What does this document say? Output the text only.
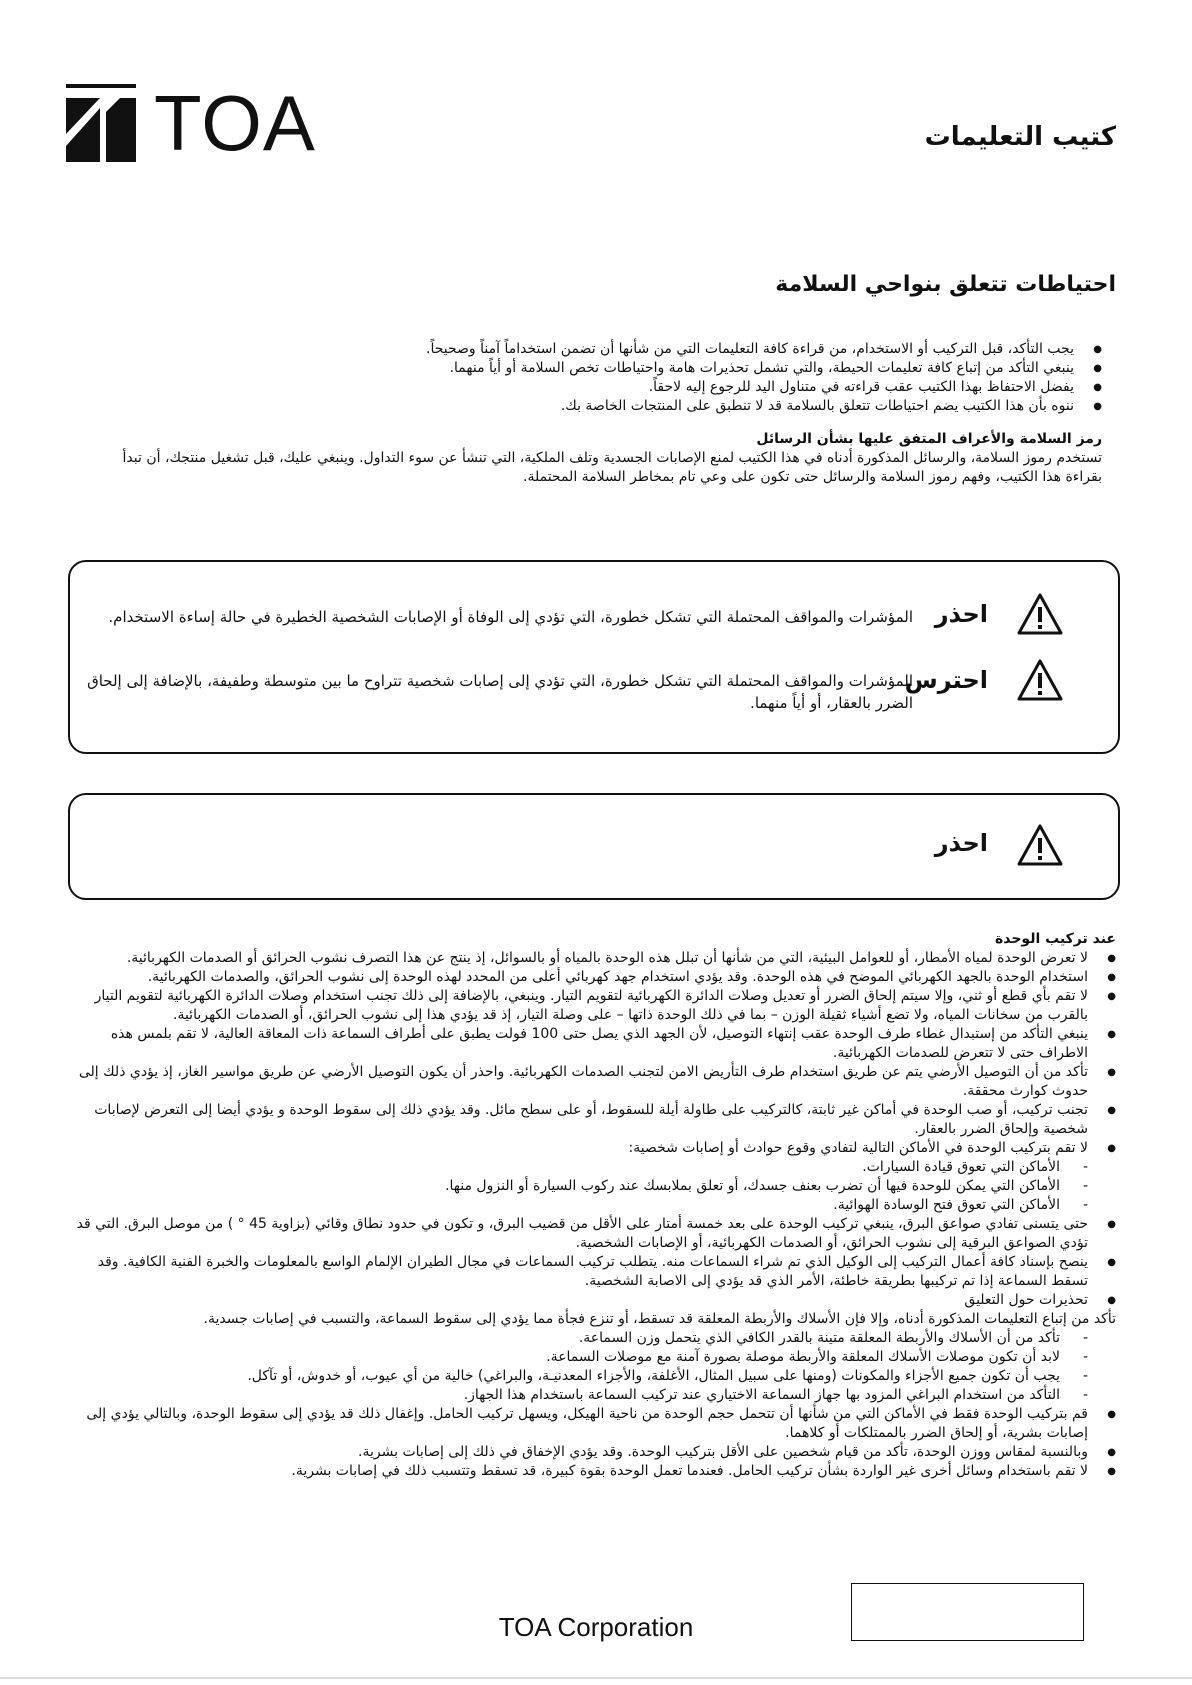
TOA	كتيب التعليمات
احتياطات تتعلق بنواحي السلامة
● يجب التأكد، قبل التركيب أو الاستخدام، من قراءة كافة التعليمات التي من شأنها أن تضمن استخداماً آمناً وصحيحاً.
● ينبغي التأكد من إتباع كافة تعليمات الحيطة، والتي تشمل تحذيرات هامة واحتياطات تخص السلامة أو أياً منهما.
● يفضل الاحتفاظ بهذا الكتيب عقب قراءته في متناول اليد للرجوع إليه لاحقاً.
● ننوه بأن هذا الكتيب يضم احتياطات تتعلق بالسلامة قد لا تنطبق على المنتجات الخاصة بك.
رمز السلامة والأعراف المتفق عليها بشأن الرسائل
تستخدم رموز السلامة، والرسائل المذكورة أدناه في هذا الكتيب لمنع الإصابات الجسدية وتلف الملكية، التي تنشأ عن سوء التداول. وينبغي عليك، قبل تشغيل منتجك، أن تبدأ
بقراءة هذا الكتيب، وفهم رموز السلامة والرسائل حتى تكون على وعي تام بمخاطر السلامة المحتملة.
احذر
المؤشرات والمواقف المحتملة التي تشكل خطورة، التي تؤدي إلى الوفاة أو الإصابات الشخصية الخطيرة في حالة إساءة الاستخدام.
احترس
المؤشرات والمواقف المحتملة التي تشكل خطورة، التي تؤدي إلى إصابات شخصية تتراوح ما بين متوسطة وطفيفة، بالإضافة إلى إلحاق الضرر بالعقار، أو أياً منهما.
احذر
عند تركيب الوحدة
● لا تعرض الوحدة لمياه الأمطار، أو للعوامل البيئية، التي من شأنها أن تبلل هذه الوحدة بالمياه أو بالسوائل، إذ ينتج عن هذا التصرف نشوب الحرائق أو الصدمات الكهربائية.
● استخدام الوحدة بالجهد الكهربائي الموضح في هذه الوحدة. وقد يؤدي استخدام جهد كهربائي أعلى من المحدد لهذه الوحدة إلى نشوب الحرائق، والصدمات الكهربائية.
● لا تقم بأي قطع أو ثني، وإلا سيتم إلحاق الضرر أو تعديل وصلات الدائرة الكهربائية لتقويم التيار. وينبغي، بالإضافة إلى ذلك تجنب استخدام وصلات الدائرة الكهربائية لتقويم التيار بالقرب من سخانات المياه، ولا تضع أشياء ثقيلة الوزن – بما في ذلك الوحدة ذاتها – على وصلة التيار، إذ قد يؤدي هذا إلى نشوب الحرائق، أو الصدمات الكهربائية.
● ينبغي التأكد من إستبدال غطاء طرف الوحدة عقب إنتهاء التوصيل، لأن الجهد الذي يصل حتى 100 فولت يطبق على أطراف السماعة ذات المعاقة العالية، لا تقم بلمس هذه الاطراف حتى لا تتعرض للصدمات الكهربائية.
● تأكد من أن التوصيل الأرضي يتم عن طريق استخدام طرف التأريض الامن لتجنب الصدمات الكهربائية. واحذر أن يكون التوصيل الأرضي عن طريق مواسير الغاز، إذ يؤدي ذلك إلى حدوث كوارث محققة.
● تجنب تركيب، أو صب الوحدة في أماكن غير ثابتة، كالتركيب على طاولة أيلة للسقوط، أو على سطح مائل. وقد يؤدي ذلك إلى سقوط الوحدة و يؤدي أيضا إلى التعرض لإصابات شخصية وإلحاق الضرر بالعقار.
● لا تقم بتركيب الوحدة في الأماكن التالية لتفادي وقوع حوادث أو إصابات شخصية:
- الأماكن التي تعوق قيادة السيارات.
- الأماكن التي يمكن للوحدة فيها أن تضرب بعنف جسدك، أو تعلق بملابسك عند ركوب السيارة أو النزول منها.
- الأماكن التي تعوق فتح الوسادة الهوائية.
● حتى يتسنى تفادي صواعق البرق، ينبغي تركيب الوحدة على بعد خمسة أمتار على الأقل من قضيب البرق، و تكون في حدود نطاق وقائي (بزاوية 45 ° ) من موصل البرق. التي قد تؤدي الصواعق البرقية إلى نشوب الحرائق، أو الصدمات الكهربائية، أو الإصابات الشخصية.
● ينصح بإسناد كافة أعمال التركيب إلى الوكيل الذي تم شراء السماعات منه. يتطلب تركيب السماعات في مجال الطيران الإلمام الواسع بالمعلومات والخبرة الفنية الكافية. وقد تسقط السماعة إذا تم تركيبها بطريقة خاطئة، الأمر الذي قد يؤدي إلى الاصابة الشخصية.
● تحذيرات حول التعليق
تأكد من إتباع التعليمات المذكورة أدناه، وإلا فإن الأسلاك والأربطة المعلقة قد تسقط، أو تنزع فجأة مما يؤدي إلى سقوط السماعة، والتسبب في إصابات جسدية.
- تأكد من أن الأسلاك والأربطة المعلقة متينة بالقدر الكافي الذي يتحمل وزن السماعة.
- لابد أن تكون موصلات الأسلاك المعلقة والأربطة موصلة بصورة آمنة مع موصلات السماعة.
- يجب أن تكون جميع الأجزاء والمكونات (ومنها على سبيل المثال، الأغلفة، والأجزاء المعدنيـة، والبراغي) خالية من أي عيوب، أو خدوش، أو تآكل.
- التأكد من استخدام البراغي المزود بها جهاز السماعة الاختياري عند تركيب السماعة باستخدام هذا الجهاز.
● قم بتركيب الوحدة فقط في الأماكن التي من شأنها أن تتحمل حجم الوحدة من ناحية الهيكل، ويسهل تركيب الحامل. وإغفال ذلك قد يؤدي إلى سقوط الوحدة، وبالتالي يؤدي إلى إصابات بشرية، أو إلحاق الضرر بالممتلكات أو كلاهما.
● وبالنسبة لمقاس ووزن الوحدة، تأكد من قيام شخصين على الأقل بتركيب الوحدة. وقد يؤدي الإخفاق في ذلك إلى إصابات بشرية.
● لا تقم باستخدام وسائل أخرى غير الواردة بشأن تركيب الحامل. فعندما تعمل الوحدة بقوة كبيرة، قد تسقط وتتسبب ذلك في إصابات بشرية.
TOA Corporation
